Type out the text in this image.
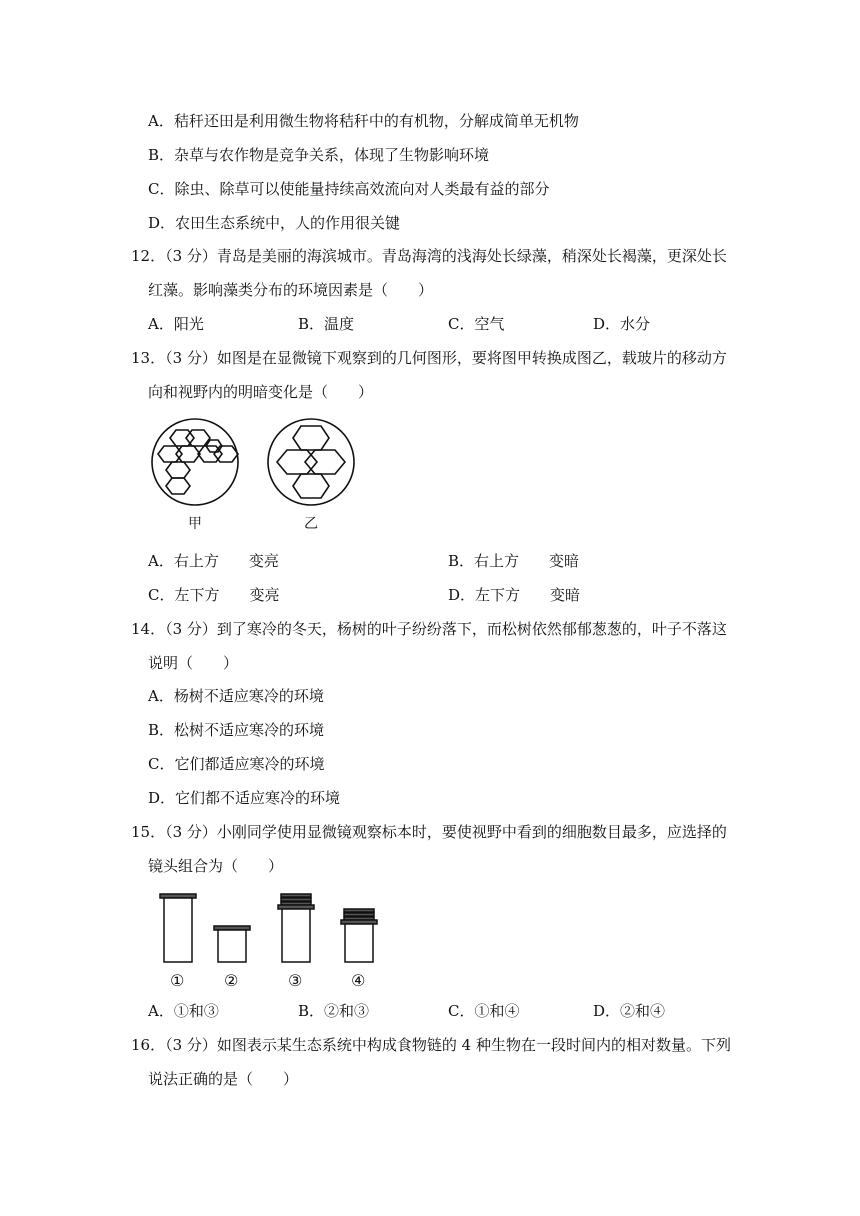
A．秸秆还田是利用微生物将秸秆中的有机物，分解成简单无机物
B．杂草与农作物是竞争关系，体现了生物影响环境
C．除虫、除草可以使能量持续高效流向对人类最有益的部分
D．农田生态系统中，人的作用很关键
12．（3 分）青岛是美丽的海滨城市。青岛海湾的浅海处长绿藻，稍深处长褐藻，更深处长
红藻。影响藻类分布的环境因素是（　　）
A．阳光	B．温度	C．空气	D．水分
13．（3 分）如图是在显微镜下观察到的几何图形，要将图甲转换成图乙，载玻片的移动方
向和视野内的明暗变化是（　　）
甲	乙
A．右上方　　变亮	B．右上方　　变暗
C．左下方　　变亮	D．左下方　　变暗
14．（3 分）到了寒冷的冬天，杨树的叶子纷纷落下，而松树依然郁郁葱葱的，叶子不落这
说明（　　）
A．杨树不适应寒冷的环境
B．松树不适应寒冷的环境
C．它们都适应寒冷的环境
D．它们都不适应寒冷的环境
15．（3 分）小刚同学使用显微镜观察标本时，要使视野中看到的细胞数目最多，应选择的
镜头组合为（　　）
① ②	③	④
A．①和③	B．②和③	C．①和④	D．②和④
16．（3 分）如图表示某生态系统中构成食物链的 4 种生物在一段时间内的相对数量。下列
说法正确的是（　　）
